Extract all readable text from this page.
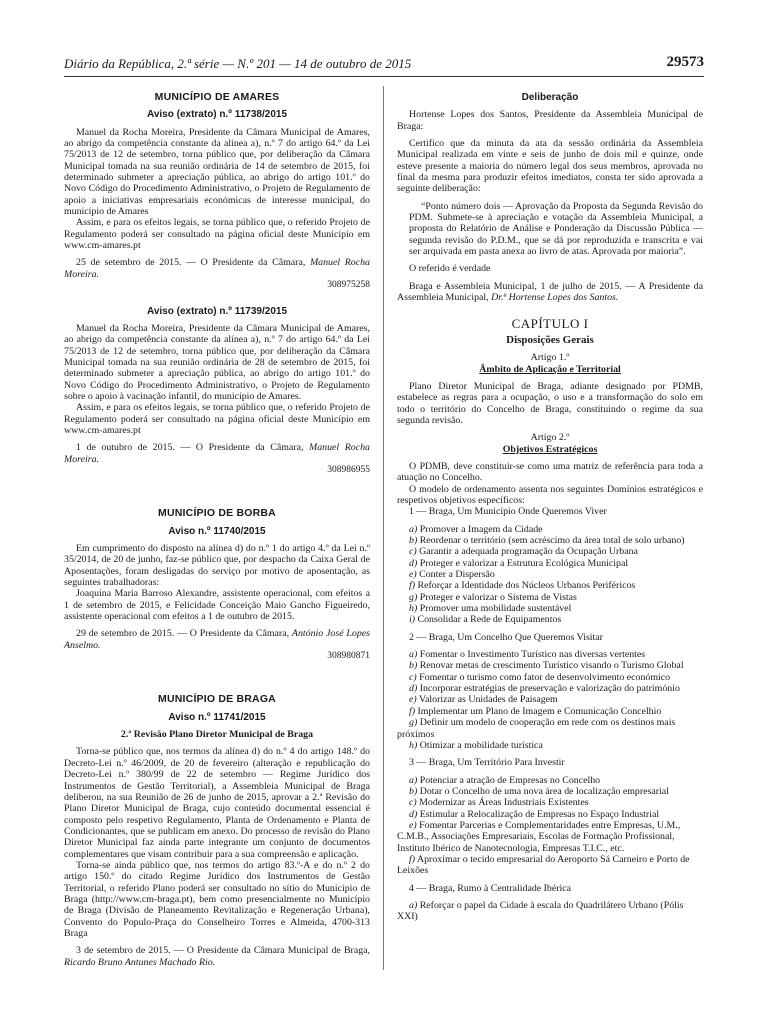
Diário da República, 2.ª série — N.º 201 — 14 de outubro de 2015	29573
MUNICÍPIO DE AMARES
Aviso (extrato) n.º 11738/2015
Manuel da Rocha Moreira, Presidente da Câmara Municipal de Amares, ao abrigo da competência constante da alínea a), n.º 7 do artigo 64.º da Lei 75/2013 de 12 de setembro, torna público que, por deliberação da Câmara Municipal tomada na sua reunião ordinária de 14 de setembro de 2015, foi determinado submeter a apreciação pública, ao abrigo do artigo 101.º do Novo Código do Procedimento Administrativo, o Projeto de Regulamento de apoio a iniciativas empresariais económicas de interesse municipal, do município de Amares
Assim, e para os efeitos legais, se torna público que, o referido Projeto de Regulamento poderá ser consultado na página oficial deste Município em www.cm-amares.pt
25 de setembro de 2015. — O Presidente da Câmara, Manuel Rocha Moreira.
308975258
Aviso (extrato) n.º 11739/2015
Manuel da Rocha Moreira, Presidente da Câmara Municipal de Amares, ao abrigo da competência constante da alínea a), n.º 7 do artigo 64.º da Lei 75/2013 de 12 de setembro, torna público que, por deliberação da Câmara Municipal tomada na sua reunião ordinária de 28 de setembro de 2015, foi determinado submeter a apreciação pública, ao abrigo do artigo 101.º do Novo Código do Procedimento Administrativo, o Projeto de Regulamento sobre o apoio à vacinação infantil, do município de Amares.
Assim, e para os efeitos legais, se torna público que, o referido Projeto de Regulamento poderá ser consultado na página oficial deste Município em www.cm-amares.pt
1 de outubro de 2015. — O Presidente da Câmara, Manuel Rocha Moreira.
308986955
MUNICÍPIO DE BORBA
Aviso n.º 11740/2015
Em cumprimento do disposto na alínea d) do n.º 1 do artigo 4.º da Lei n.º 35/2014, de 20 de junho, faz-se público que, por despacho da Caixa Geral de Aposentações, foram desligadas do serviço por motivo de aposentação, as seguintes trabalhadoras:
Joaquina Maria Barroso Alexandre, assistente operacional, com efeitos a 1 de setembro de 2015, e Felicidade Conceição Maio Gancho Figueiredo, assistente operacional com efeitos a 1 de outubro de 2015.
29 de setembro de 2015. — O Presidente da Câmara, António José Lopes Anselmo.
308980871
MUNICÍPIO DE BRAGA
Aviso n.º 11741/2015
2.ª Revisão Plano Diretor Municipal de Braga
Torna-se público que, nos termos da alínea d) do n.º 4 do artigo 148.º do Decreto-Lei n.º 46/2009, de 20 de fevereiro (alteração e republicação do Decreto-Lei n.º 380/99 de 22 de setembro — Regime Jurídico dos Instrumentos de Gestão Territorial), a Assembleia Municipal de Braga deliberou, na sua Reunião de 26 de junho de 2015, aprovar a 2.ª Revisão do Plano Diretor Municipal de Braga, cujo conteúdo documental essencial é composto pelo respetivo Regulamento, Planta de Ordenamento e Planta de Condicionantes, que se publicam em anexo. Do processo de revisão do Plano Diretor Municipal faz ainda parte integrante um conjunto de documentos complementares que visam contribuir para a sua compreensão e aplicação.
Torna-se ainda público que, nos termos do artigo 83.º-A e do n.º 2 do artigo 150.º do citado Regime Jurídico dos Instrumentos de Gestão Territorial, o referido Plano poderá ser consultado no sítio do Município de Braga (http://www.cm-braga.pt), bem como presencialmente no Município de Braga (Divisão de Planeamento Revitalização e Regeneração Urbana), Convento do Populo-Praça do Conselheiro Torres e Almeida, 4700-313 Braga
3 de setembro de 2015. — O Presidente da Câmara Municipal de Braga, Ricardo Bruno Antunes Machado Rio.
Deliberação
Hortense Lopes dos Santos, Presidente da Assembleia Municipal de Braga:
Certifico que da minuta da ata da sessão ordinária da Assembleia Municipal realizada em vinte e seis de junho de dois mil e quinze, onde esteve presente a maioria do número legal dos seus membros, aprovada no final da mesma para produzir efeitos imediatos, consta ter sido aprovada a seguinte deliberação:
“Ponto número dois — Aprovação da Proposta da Segunda Revisão do PDM. Submete-se à apreciação e votação da Assembleia Municipal, a proposta do Relatório de Análise e Ponderação da Discussão Pública — segunda revisão do P.D.M., que se dá por reproduzida e transcrita e vai ser arquivada em pasta anexa ao livro de atas. Aprovada por maioria”.
O referido é verdade
Braga e Assembleia Municipal, 1 de julho de 2015. — A Presidente da Assembleia Municipal, Dr.ª Hortense Lopes dos Santos.
CAPÍTULO I
Disposições Gerais
Artigo 1.º
Âmbito de Aplicação e Territorial
Plano Diretor Municipal de Braga, adiante designado por PDMB, estabelece as regras para a ocupação, o uso e a transformação do solo em todo o território do Concelho de Braga, constituindo o regime da sua segunda revisão.
Artigo 2.º
Objetivos Estratégicos
O PDMB, deve constituir-se como uma matriz de referência para toda a atuação no Concelho.
O modelo de ordenamento assenta nos seguintes Domínios estratégicos e respetivos objetivos específicos:
1 — Braga, Um Município Onde Queremos Viver
a) Promover a Imagem da Cidade
b) Reordenar o território (sem acréscimo da área total de solo urbano)
c) Garantir a adequada programação da Ocupação Urbana
d) Proteger e valorizar a Estrutura Ecológica Municipal
e) Conter a Dispersão
f) Reforçar a Identidade dos Núcleos Urbanos Periféricos
g) Proteger e valorizar o Sistema de Vistas
h) Promover uma mobilidade sustentável
i) Consolidar a Rede de Equipamentos
2 — Braga, Um Concelho Que Queremos Visitar
a) Fomentar o Investimento Turístico nas diversas vertentes
b) Renovar metas de crescimento Turístico visando o Turismo Global
c) Fomentar o turismo como fator de desenvolvimento económico
d) Incorporar estratégias de preservação e valorização do património
e) Valorizar as Unidades de Paisagem
f) Implementar um Plano de Imagem e Comunicação Concelhio
g) Definir um modelo de cooperação em rede com os destinos mais próximos
h) Otimizar a mobilidade turística
3 — Braga, Um Território Para Investir
a) Potenciar a atração de Empresas no Concelho
b) Dotar o Concelho de uma nova área de localização empresarial
c) Modernizar as Áreas Industriais Existentes
d) Estimular a Relocalização de Empresas no Espaço Industrial
e) Fomentar Parcerias e Complementaridades entre Empresas, U.M., C.M.B., Associações Empresariais, Escolas de Formação Profissional, Instituto Ibérico de Nanotecnologia, Empresas T.I.C., etc.
f) Aproximar o tecido empresarial do Aeroporto Sá Carneiro e Porto de Leixões
4 — Braga, Rumo à Centralidade Ibérica
a) Reforçar o papel da Cidade à escala do Quadrilátero Urbano (Pólis XXI)
